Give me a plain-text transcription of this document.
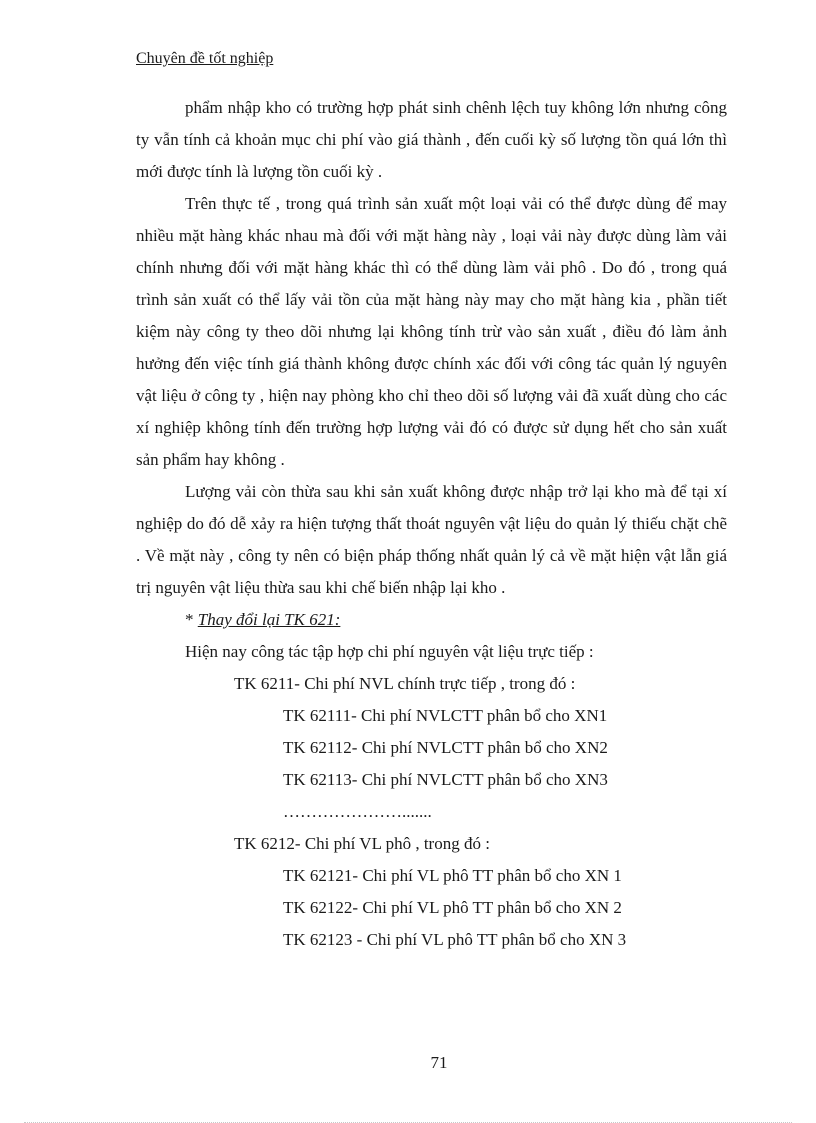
Chuyên đề tốt nghiệp

phẩm nhập kho có trường hợp phát sinh chênh lệch tuy không lớn nhưng công ty vẫn tính cả khoản mục chi phí vào giá thành , đến cuối kỳ số lượng tồn quá lớn thì mới được tính là lượng tồn cuối kỳ .

Trên thực tế , trong quá trình sản xuất một loại vải có thể được dùng để may nhiều mặt hàng khác nhau mà đối với mặt hàng này , loại vải này được dùng làm vải chính nhưng đối với mặt hàng khác thì có thể dùng làm vải phô . Do đó , trong quá trình sản xuất có thể lấy vải tồn của mặt hàng này may cho mặt hàng kia , phần tiết kiệm này công ty theo dõi nhưng lại không tính trừ vào sản xuất , điều đó làm ảnh hưởng đến việc tính giá thành không được chính xác đối với công tác quản lý nguyên vật liệu ở công ty , hiện nay phòng kho chỉ theo dõi số lượng vải đã xuất dùng cho các xí nghiệp không tính đến trường hợp lượng vải đó có được sử dụng hết cho sản xuất sản phẩm hay không .

Lượng vải còn thừa sau khi sản xuất không được nhập trở lại kho mà để tại xí nghiệp do đó dễ xảy ra hiện tượng thất thoát nguyên vật liệu do quản lý thiếu chặt chẽ . Về mặt này , công ty nên có biện pháp thống nhất quản lý cả về mặt hiện vật lẫn giá trị nguyên vật liệu thừa sau khi chế biến nhập lại kho .

* Thay đổi lại TK 621:

Hiện nay công tác tập hợp chi phí nguyên vật liệu trực tiếp :

TK 6211- Chi phí NVL chính trực tiếp , trong đó :

TK 62111- Chi phí NVLCTT phân bổ cho XN1

TK 62112- Chi phí NVLCTT phân bổ cho XN2

TK 62113- Chi phí NVLCTT phân bổ cho XN3

………………….......

TK 6212- Chi phí VL phô , trong đó :

TK 62121- Chi phí VL phô TT phân bổ cho XN 1

TK 62122- Chi phí VL phô TT phân bổ cho XN 2

TK 62123 - Chi phí VL phô TT phân bổ cho XN 3

71
